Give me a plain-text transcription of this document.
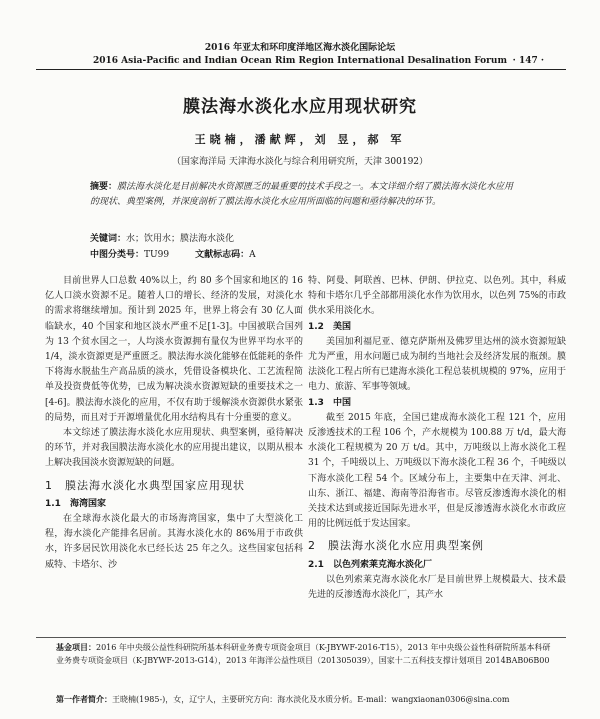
2016 年亚太和环印度洋地区海水淡化国际论坛
2016 Asia-Pacific and Indian Ocean Rim Region International Desalination Forum · 147 ·
膜法海水淡化水应用现状研究
王晓楠，潘献辉，刘 昱，郝 军
（国家海洋局 天津海水淡化与综合利用研究所，天津 300192）
摘要：膜法海水淡化是目前解决水资源匮乏的最重要的技术手段之一。本文详细介绍了膜法海水淡化水应用的现状、典型案例，并深度剖析了膜法海水淡化水应用所面临的问题和亟待解决的环节。
关键词：水；饮用水；膜法海水淡化
中图分类号：TU99	文献标志码：A

目前世界人口总数 40%以上，约 80 多个国家和地区的 16 亿人口淡水资源不足。随着人口的增长、经济的发展，对淡化水的需求将继续增加。预计到 2025 年，世界上将会有 30 亿人面临缺水，40 个国家和地区淡水严重不足[1-3]。中国被联合国列为 13 个贫水国之一，人均淡水资源拥有量仅为世界平均水平的 1/4，淡水资源更是严重匮乏。膜法海水淡化能够在低能耗的条件下将海水脱盐生产高品质的淡水，凭借设备模块化、工艺流程简单及投资费低等优势，已成为解决淡水资源短缺的重要技术之一[4-6]。膜法海水淡化的应用，不仅有助于缓解淡水资源供水紧张的局势，而且对于开源增量优化用水结构具有十分重要的意义。

本文综述了膜法海水淡化水应用现状、典型案例，亟待解决的环节，并对我国膜法海水淡化水的应用提出建议，以期从根本上解决我国淡水资源短缺的问题。

1　膜法海水淡化水典型国家应用现状
1.1　海湾国家

在全球海水淡化最大的市场海湾国家，集中了大型淡化工程，海水淡化产能排名居前。其海水淡化水的 86%用于市政供水，许多居民饮用淡化水已经长达 25 年之久。这些国家包括科威特、卡塔尔、沙

特、阿曼、阿联酋、巴林、伊朗、伊拉克、以色列。其中，科威特和卡塔尔几乎全部都用淡化水作为饮用水，以色列 75%的市政供水采用淡化水。

1.2　美国

美国加利福尼亚、德克萨斯州及佛罗里达州的淡水资源短缺尤为严重，用水问题已成为制约当地社会及经济发展的瓶颈。膜法淡化工程占所有已建海水淡化工程总装机规模的 97%，应用于电力、旅游、军事等领域。

1.3　中国

截至 2015 年底，全国已建成海水淡化工程 121 个，应用反渗透技术的工程 106 个，产水规模为 100.88 万 t/d，最大海水淡化工程规模为 20 万 t/d。其中，万吨级以上海水淡化工程 31 个，千吨级以上、万吨级以下海水淡化工程 36 个，千吨级以下海水淡化工程 54 个。区域分布上，主要集中在天津、河北、山东、浙江、福建、海南等沿海省市。尽管反渗透海水淡化的相关技术达到或接近国际先进水平，但是反渗透海水淡化水市政应用的比例远低于发达国家。

2　膜法海水淡化水应用典型案例
2.1　以色列索莱克海水淡化厂

以色列索莱克海水淡化水厂是目前世界上规模最大、技术最先进的反渗透海水淡化厂，其产水

基金项目：2016 年中央级公益性科研院所基本科研业务费专项资金项目（K-JBYWF-2016-T15），2013 年中央级公益性科研院所基本科研业务费专项资金项目（K-JBYWF-2013-G14），2013 年海洋公益性项目（201305039），国家十二五科技支撑计划项目 2014BAB06B00

第一作者简介：王晓楠(1985-)，女，辽宁人，主要研究方向：海水淡化及水质分析。E-mail：wangxiaonan0306@sina.com
